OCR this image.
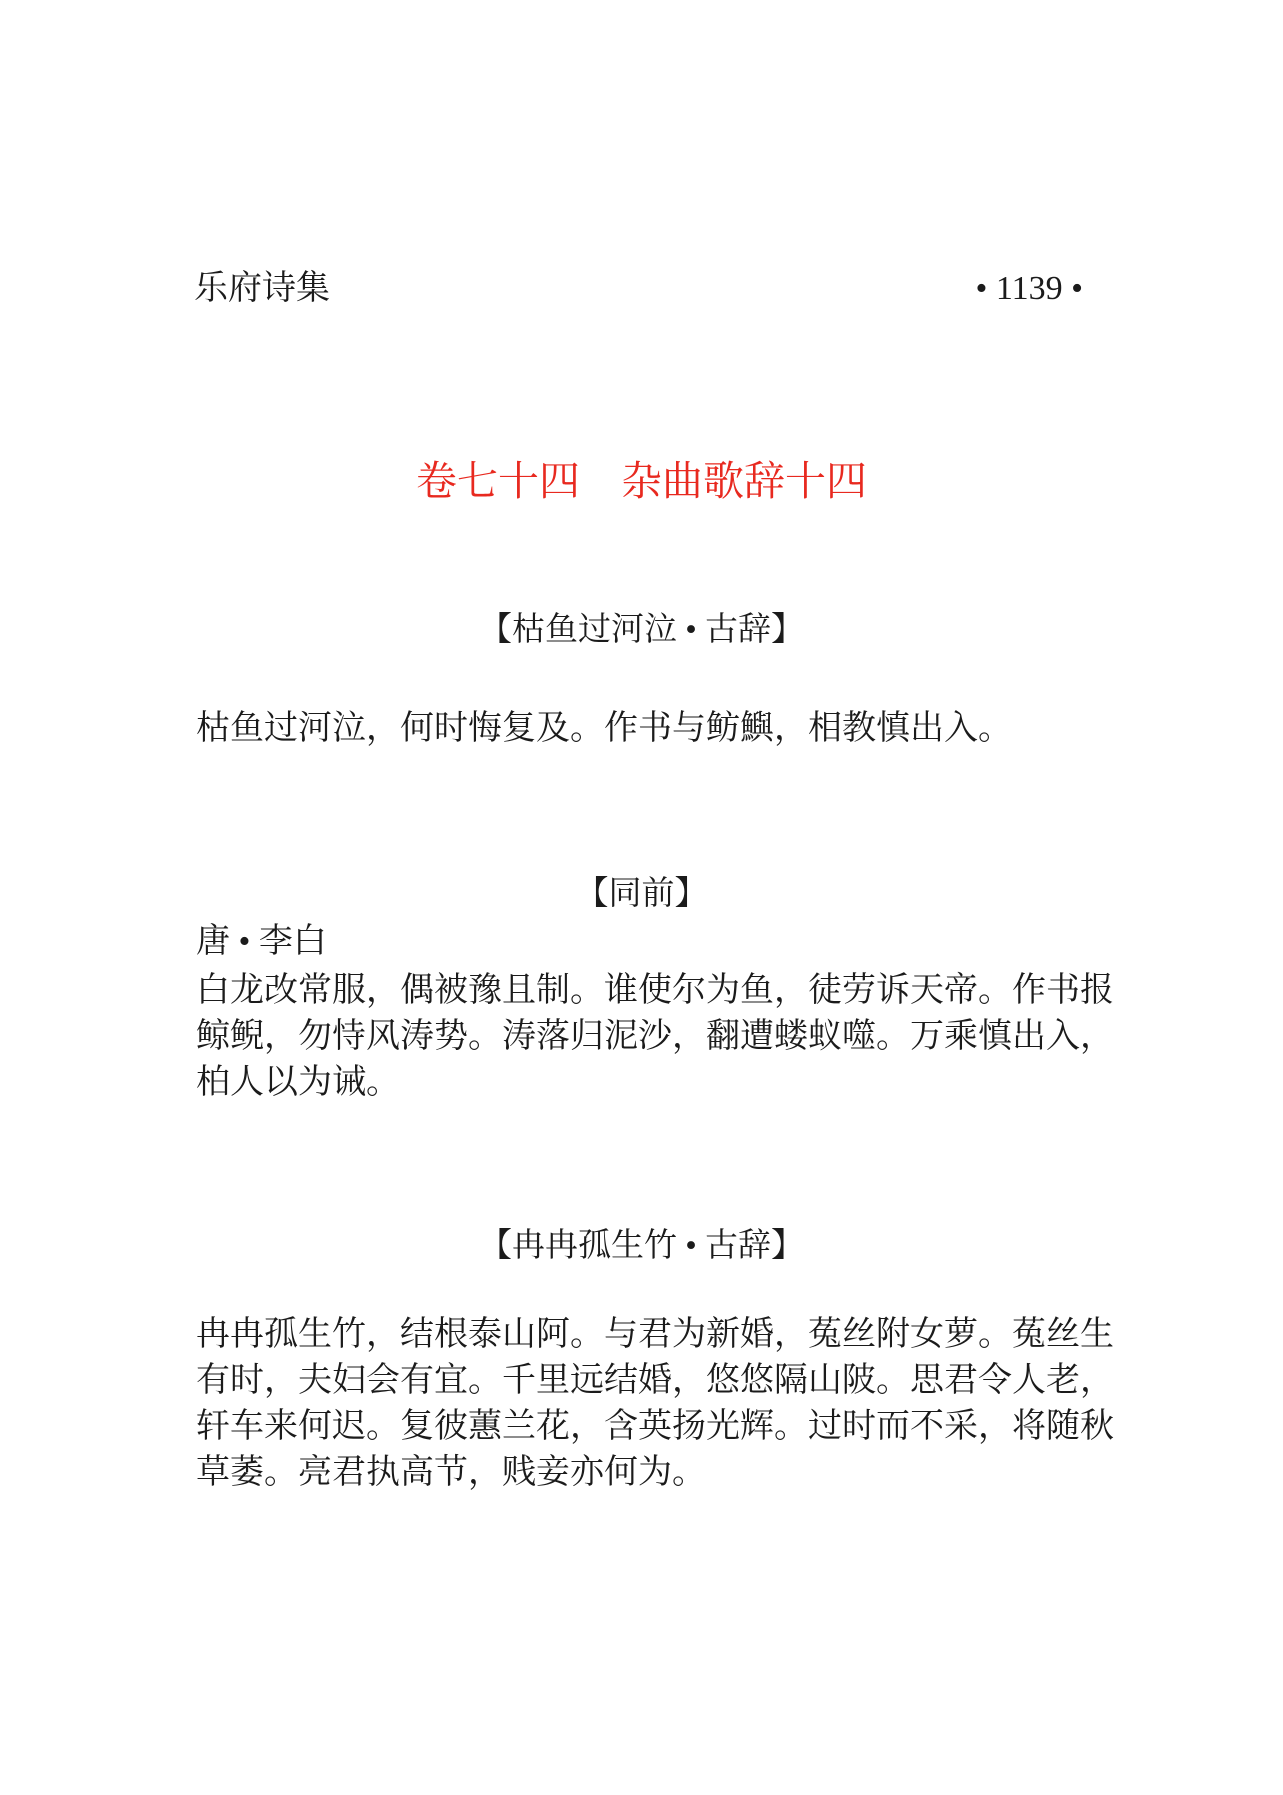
乐府诗集	• 1139 •
卷七十四　杂曲歌辞十四
【枯鱼过河泣 • 古辞】
枯鱼过河泣，何时悔复及。作书与鲂鱮，相教慎出入。
【同前】
唐 • 李白
白龙改常服，偶被豫且制。谁使尔为鱼，徒劳诉天帝。作书报
鲸鲵，勿恃风涛势。涛落归泥沙，翻遭蝼蚁噬。万乘慎出入，
柏人以为诫。
【冉冉孤生竹 • 古辞】
冉冉孤生竹，结根泰山阿。与君为新婚，菟丝附女萝。菟丝生
有时，夫妇会有宜。千里远结婚，悠悠隔山陂。思君令人老，
轩车来何迟。复彼蕙兰花，含英扬光辉。过时而不采，将随秋
草萎。亮君执高节，贱妾亦何为。
